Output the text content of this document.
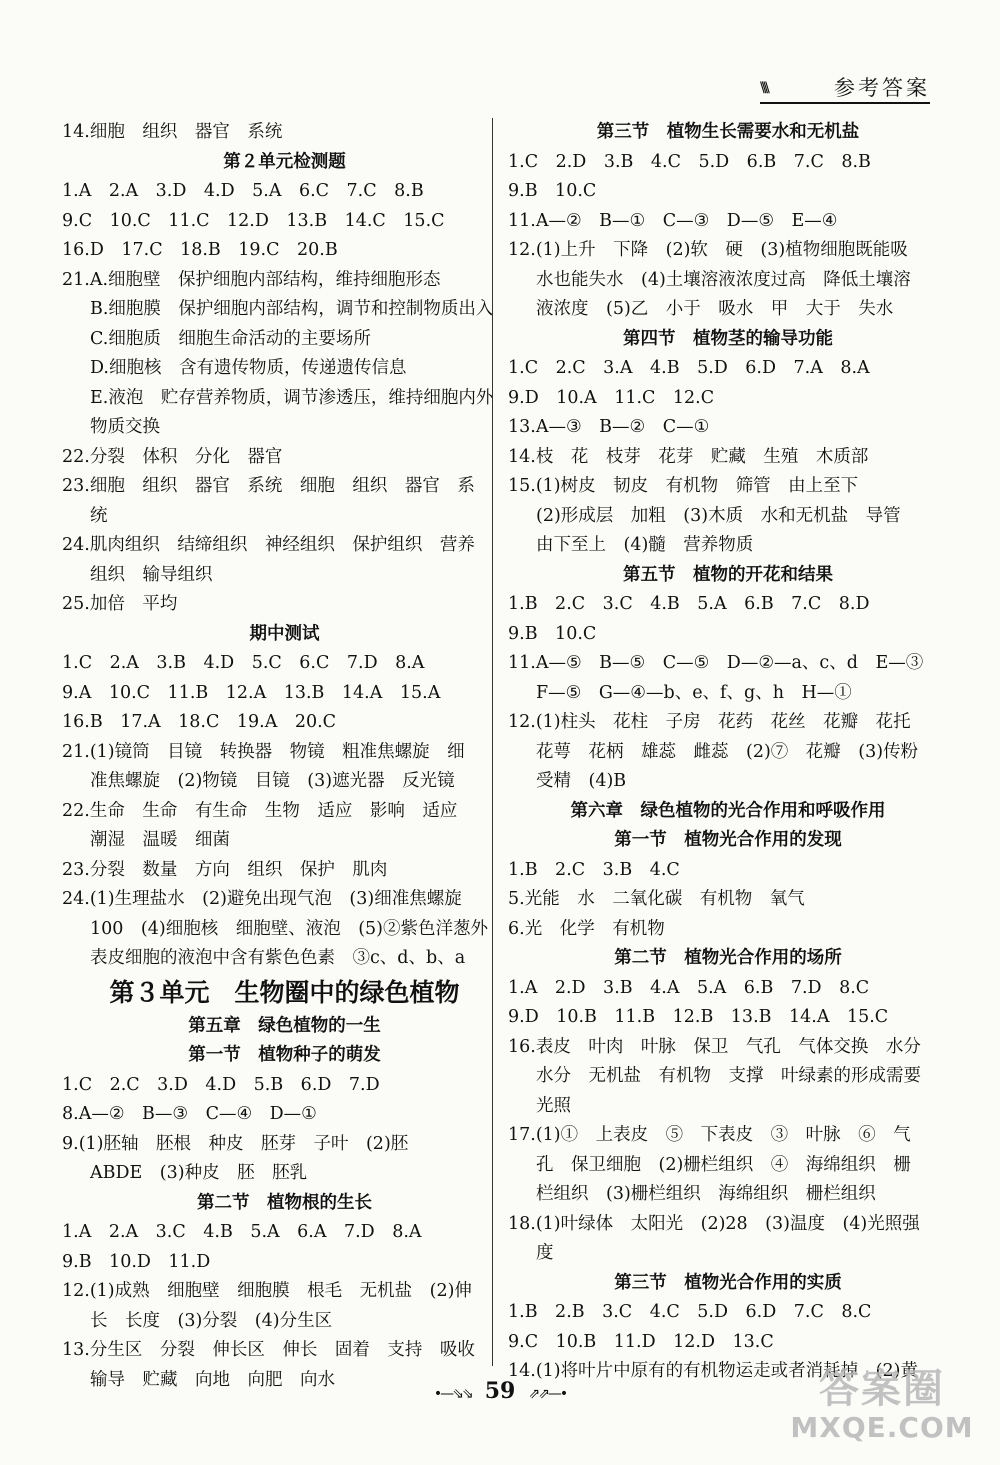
\\\\	参考答案
14.细胞　组织　器官　系统
第２单元检测题
1.A　2.A　3.D　4.D　5.A　6.C　7.C　8.B
9.C　10.C　11.C　12.D　13.B　14.C　15.C
16.D　17.C　18.B　19.C　20.B
21.A.细胞壁　保护细胞内部结构，维持细胞形态
B.细胞膜　保护细胞内部结构，调节和控制物质出入
C.细胞质　细胞生命活动的主要场所
D.细胞核　含有遗传物质，传递遗传信息
E.液泡　贮存营养物质，调节渗透压，维持细胞内外
物质交换
22.分裂　体积　分化　器官
23.细胞　组织　器官　系统　细胞　组织　器官　系
统
24.肌肉组织　结缔组织　神经组织　保护组织　营养
组织　输导组织
25.加倍　平均
期中测试
1.C　2.A　3.B　4.D　5.C　6.C　7.D　8.A
9.A　10.C　11.B　12.A　13.B　14.A　15.A
16.B　17.A　18.C　19.A　20.C
21.(1)镜筒　目镜　转换器　物镜　粗准焦螺旋　细
准焦螺旋　(2)物镜　目镜　(3)遮光器　反光镜
22.生命　生命　有生命　生物　适应　影响　适应
潮湿　温暖　细菌
23.分裂　数量　方向　组织　保护　肌肉
24.(1)生理盐水　(2)避免出现气泡　(3)细准焦螺旋
100　(4)细胞核　细胞壁、液泡　(5)②紫色洋葱外
表皮细胞的液泡中含有紫色色素　③c、d、b、a
第３单元　生物圈中的绿色植物
第五章　绿色植物的一生
第一节　植物种子的萌发
1.C　2.C　3.D　4.D　5.B　6.D　7.D
8.A—②　B—③　C—④　D—①
9.(1)胚轴　胚根　种皮　胚芽　子叶　(2)胚
ABDE　(3)种皮　胚　胚乳
第二节　植物根的生长
1.A　2.A　3.C　4.B　5.A　6.A　7.D　8.A
9.B　10.D　11.D
12.(1)成熟　细胞壁　细胞膜　根毛　无机盐　(2)伸
长　长度　(3)分裂　(4)分生区
13.分生区　分裂　伸长区　伸长　固着　支持　吸收
输导　贮藏　向地　向肥　向水
第三节　植物生长需要水和无机盐
1.C　2.D　3.B　4.C　5.D　6.B　7.C　8.B
9.B　10.C
11.A—②　B—①　C—③　D—⑤　E—④
12.(1)上升　下降　(2)软　硬　(3)植物细胞既能吸
水也能失水　(4)土壤溶液浓度过高　降低土壤溶
液浓度　(5)乙　小于　吸水　甲　大于　失水
第四节　植物茎的输导功能
1.C　2.C　3.A　4.B　5.D　6.D　7.A　8.A
9.D　10.A　11.C　12.C
13.A—③　B—②　C—①
14.枝　花　枝芽　花芽　贮藏　生殖　木质部
15.(1)树皮　韧皮　有机物　筛管　由上至下
(2)形成层　加粗　(3)木质　水和无机盐　导管
由下至上　(4)髓　营养物质
第五节　植物的开花和结果
1.B　2.C　3.C　4.B　5.A　6.B　7.C　8.D
9.B　10.C
11.A—⑤　B—⑤　C—⑤　D—②—a、c、d　E—③
F—⑤　G—④—b、e、f、g、h　H—①
12.(1)柱头　花柱　子房　花药　花丝　花瓣　花托
花萼　花柄　雄蕊　雌蕊　(2)⑦　花瓣　(3)传粉
受精　(4)B
第六章　绿色植物的光合作用和呼吸作用
第一节　植物光合作用的发现
1.B　2.C　3.B　4.C
5.光能　水　二氧化碳　有机物　氧气
6.光　化学　有机物
第二节　植物光合作用的场所
1.A　2.D　3.B　4.A　5.A　6.B　7.D　8.C
9.D　10.B　11.B　12.B　13.B　14.A　15.C
16.表皮　叶肉　叶脉　保卫　气孔　气体交换　水分
水分　无机盐　有机物　支撑　叶绿素的形成需要
光照
17.(1)①　上表皮　⑤　下表皮　③　叶脉　⑥　气
孔　保卫细胞　(2)栅栏组织　④　海绵组织　栅
栏组织　(3)栅栏组织　海绵组织　栅栏组织
18.(1)叶绿体　太阳光　(2)28　(3)温度　(4)光照强
度
第三节　植物光合作用的实质
1.B　2.B　3.C　4.C　5.D　6.D　7.C　8.C
9.C　10.B　11.D　12.D　13.C
14.(1)将叶片中原有的有机物运走或者消耗掉　(2)黄
•—⇘⇘ 59 ⇗⇗—•	答案圈
MXQE.COM
